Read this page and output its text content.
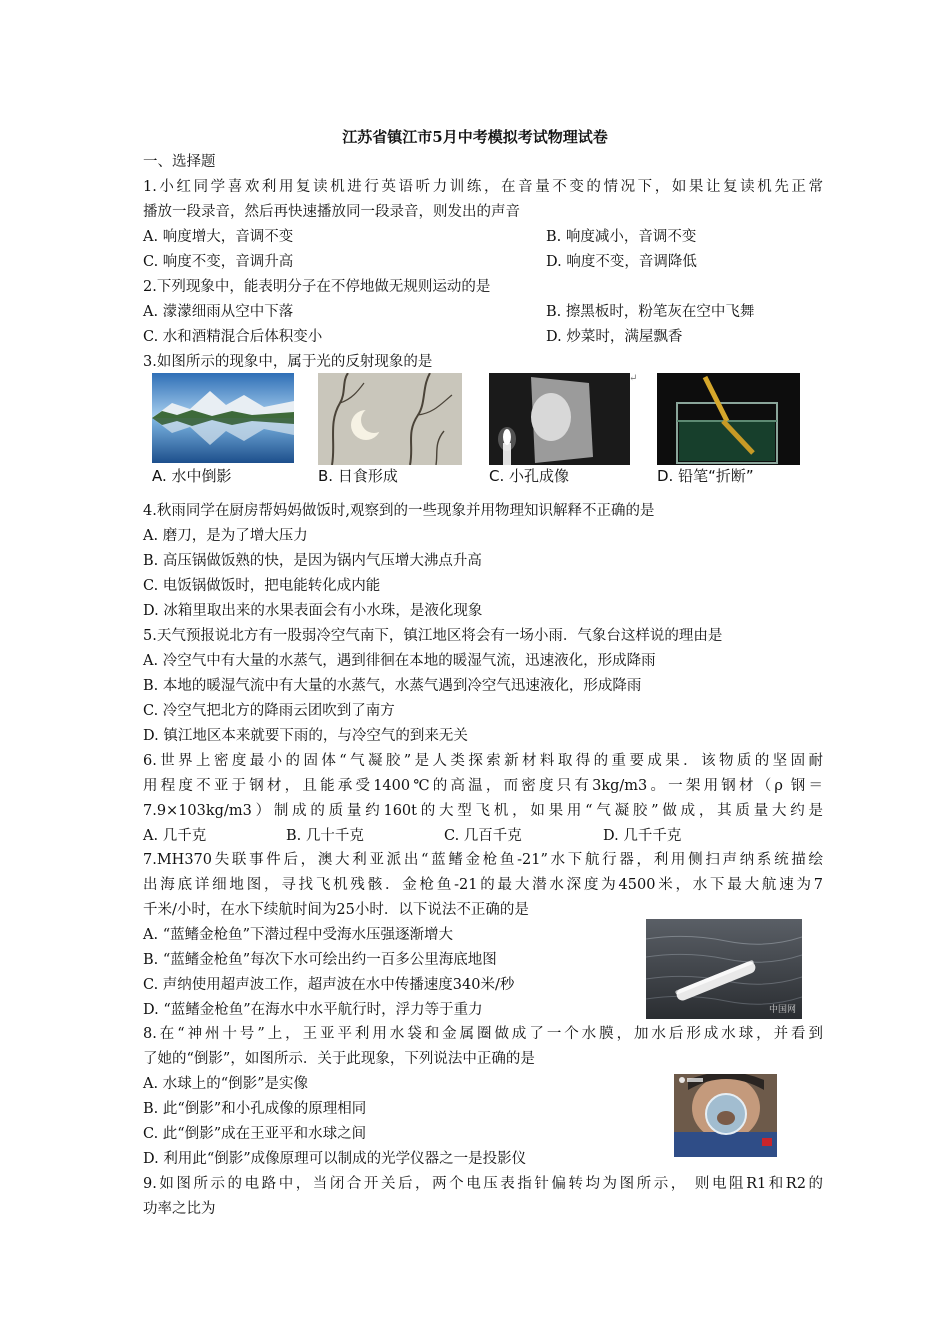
江苏省镇江市5月中考模拟考试物理试卷
一、选择题
1.小红同学喜欢利用复读机进行英语听力训练，在音量不变的情况下，如果让复读机先正常
播放一段录音，然后再快速播放同一段录音，则发出的声音
A. 响度增大，音调不变	B. 响度减小，音调不变
C. 响度不变，音调升高	D. 响度不变，音调降低
2.下列现象中，能表明分子在不停地做无规则运动的是
A. 濛濛细雨从空中下落	B. 擦黑板时，粉笔灰在空中飞舞
C. 水和酒精混合后体积变小	D. 炒菜时，满屋飘香
3.如图所示的现象中，属于光的反射现象的是
↵
A. 水中倒影	B. 日食形成	C. 小孔成像	D. 铅笔“折断”
4.秋雨同学在厨房帮妈妈做饭时,观察到的一些现象并用物理知识解释不正确的是
A. 磨刀，是为了增大压力
B. 高压锅做饭熟的快，是因为锅内气压增大沸点升高
C. 电饭锅做饭时，把电能转化成内能
D. 冰箱里取出来的水果表面会有小水珠，是液化现象
5.天气预报说北方有一股弱冷空气南下，镇江地区将会有一场小雨．气象台这样说的理由是
A. 冷空气中有大量的水蒸气，遇到徘徊在本地的暖湿气流，迅速液化，形成降雨
B. 本地的暖湿气流中有大量的水蒸气，水蒸气遇到冷空气迅速液化，形成降雨
C. 冷空气把北方的降雨云团吹到了南方
D. 镇江地区本来就要下雨的，与冷空气的到来无关
6.世界上密度最小的固体“气凝胶”是人类探索新材料取得的重要成果．该物质的坚固耐
用程度不亚于钢材，且能承受1400℃的高温，而密度只有3kg/m3。一架用钢材（ρ 钢＝
7.9×103kg/m3）制成的质量约160t的大型飞机，如果用“气凝胶”做成，其质量大约是
A. 几千克	B. 几十千克	C. 几百千克	D. 几千千克
7.MH370失联事件后，澳大利亚派出“蓝鳍金枪鱼-21”水下航行器，利用侧扫声纳系统描绘
出海底详细地图，寻找飞机残骸．金枪鱼-21的最大潜水深度为4500米，水下最大航速为7
千米/小时，在水下续航时间为25小时．以下说法不正确的是
A. “蓝鳍金枪鱼”下潜过程中受海水压强逐渐增大
B. “蓝鳍金枪鱼”每次下水可绘出约一百多公里海底地图
C. 声纳使用超声波工作，超声波在水中传播速度340米/秒
D. “蓝鳍金枪鱼”在海水中水平航行时，浮力等于重力	中国网
8.在“神州十号”上，王亚平利用水袋和金属圈做成了一个水膜，加水后形成水球，并看到
了她的“倒影”，如图所示．关于此现象，下列说法中正确的是
A. 水球上的“倒影”是实像
B. 此“倒影”和小孔成像的原理相同
C. 此“倒影”成在王亚平和水球之间
D. 利用此“倒影”成像原理可以制成的光学仪器之一是投影仪
9.如图所示的电路中，当闭合开关后，两个电压表指针偏转均为图所示， 则电阻R1和R2的
功率之比为
